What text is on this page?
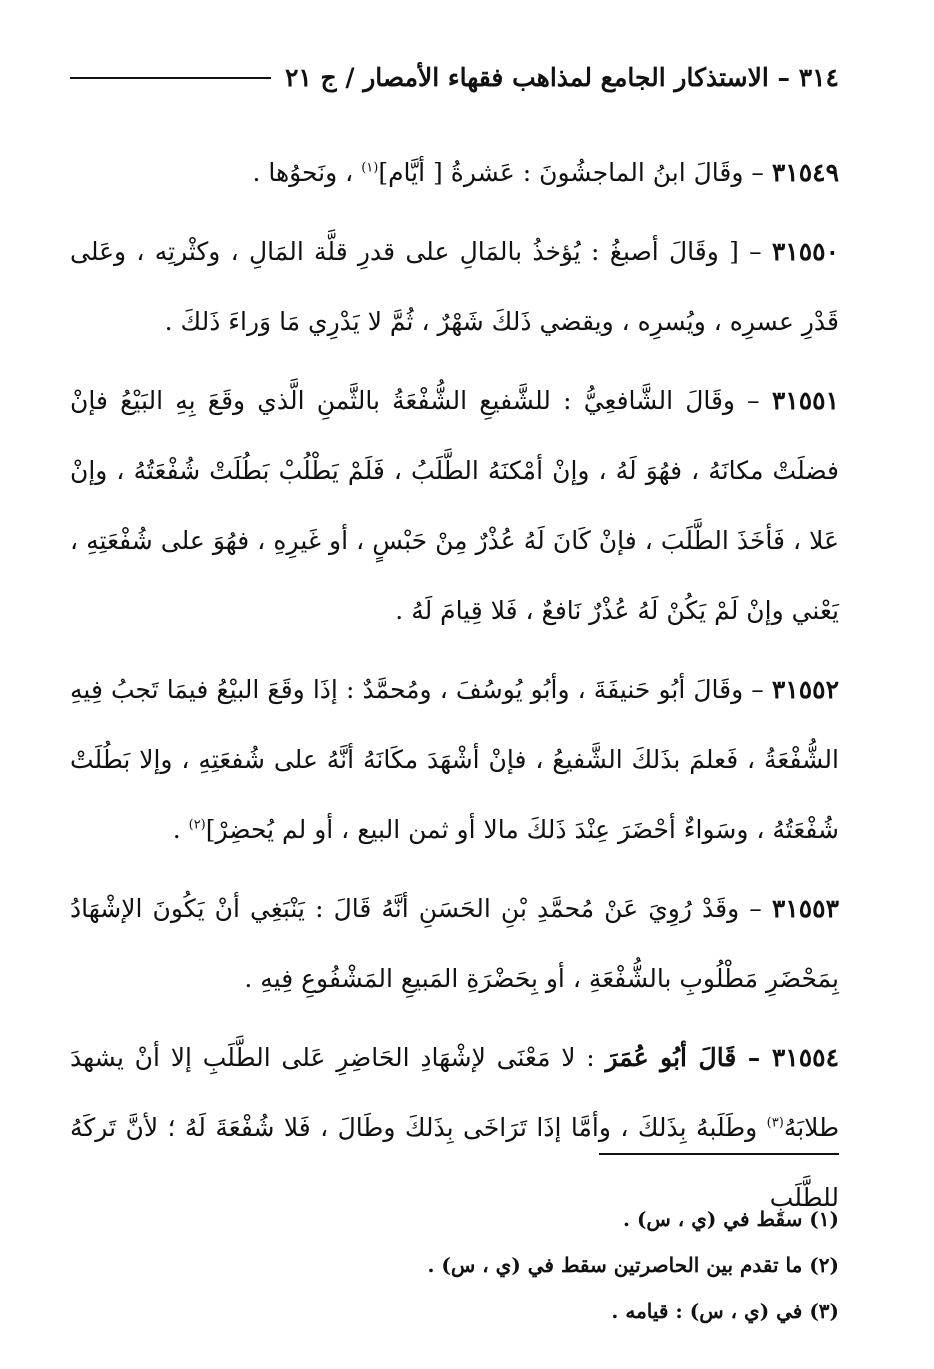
٣١٤ – الاستذكار الجامع لمذاهب فقهاء الأمصار / ج ٢١

٣١٥٤٩ – وقَالَ ابنُ الماجشُونَ : عَشرةُ [ أيَّام]$^{(١)}$ ، ونَحوُها .

٣١٥٥٠ – [ وقَالَ أصبغُ : يُؤخذُ بالمَالِ على قدرِ قلَّة المَالِ ، وكثْرتِه ، وعَلى قَدْرِ عسرِه ، ويُسرِه ، ويقضي ذَلكَ شَهْرٌ ، ثُمَّ لا يَدْرِي مَا وَراءَ ذَلكَ .

٣١٥٥١ – وقَالَ الشَّافعِيُّ : للشَّفيعِ الشُّفْعَةُ بالثَّمنِ الَّذي وقَعَ بِهِ البَيْعُ فإنْ فضلَتْ مكانَهُ ، فهُوَ لَهُ ، وإنْ أمْكنَهُ الطَّلَبُ ، فَلَمْ يَطْلُبْ بَطُلَتْ شُفْعَتُهُ ، وإنْ عَلا ، فَأخَذَ الطَّلَبَ ، فإنْ كَانَ لَهُ عُذْرٌ مِنْ حَبْسٍ ، أو غَيرِهِ ، فهُوَ على شُفْعَتِهِ ، يَعْني وإنْ لَمْ يَكُنْ لَهُ عُذْرٌ نَافعٌ ، فَلا قِيامَ لَهُ .

٣١٥٥٢ – وقَالَ أبُو حَنيفَةَ ، وأبُو يُوسُفَ ، ومُحمَّدٌ : إذَا وقَعَ البيْعُ فيمَا تَجبُ فِيهِ الشُّفْعَةُ ، فَعلمَ بذَلكَ الشَّفيعُ ، فإنْ أشْهَدَ مكَانَهُ أنَّهُ على شُفعَتِهِ ، وإلا بَطُلَتْ شُفْعَتُهُ ، وسَواءٌ أحْضَرَ عِنْدَ ذَلكَ مالا أو ثمن البيع ، أو لم يُحضِرْ]$^{(٢)}$ .

٣١٥٥٣ – وقَدْ رُوِيَ عَنْ مُحمَّدِ بْنِ الحَسَنِ أنَّهُ قَالَ : يَنْبَغِي أنْ يَكُونَ الإشْهَادُ بِمَحْضَرِ مَطْلُوبِ بالشُّفْعَةِ ، أو بِحَضْرَةِ المَبيعِ المَشْفُوعِ فِيهِ .

٣١٥٥٤ – قَالَ أبُو عُمَرَ : لا مَعْنَى لإشْهَادِ الحَاضِرِ عَلى الطَّلَبِ إلا أنْ يشهدَ طلابَهُ$^{(٣)}$ وطَلَبهُ بِذَلكَ ، وأمَّا إذَا تَرَاخَى بِذَلكَ وطَالَ ، فَلا شُفْعَةَ لَهُ ؛ لأنَّ تَركَهُ للطَّلَبِ

(١) سقط في (ي ، س) .
(٢) ما تقدم بين الحاصرتين سقط في (ي ، س) .
(٣) في (ي ، س) : قيامه .
